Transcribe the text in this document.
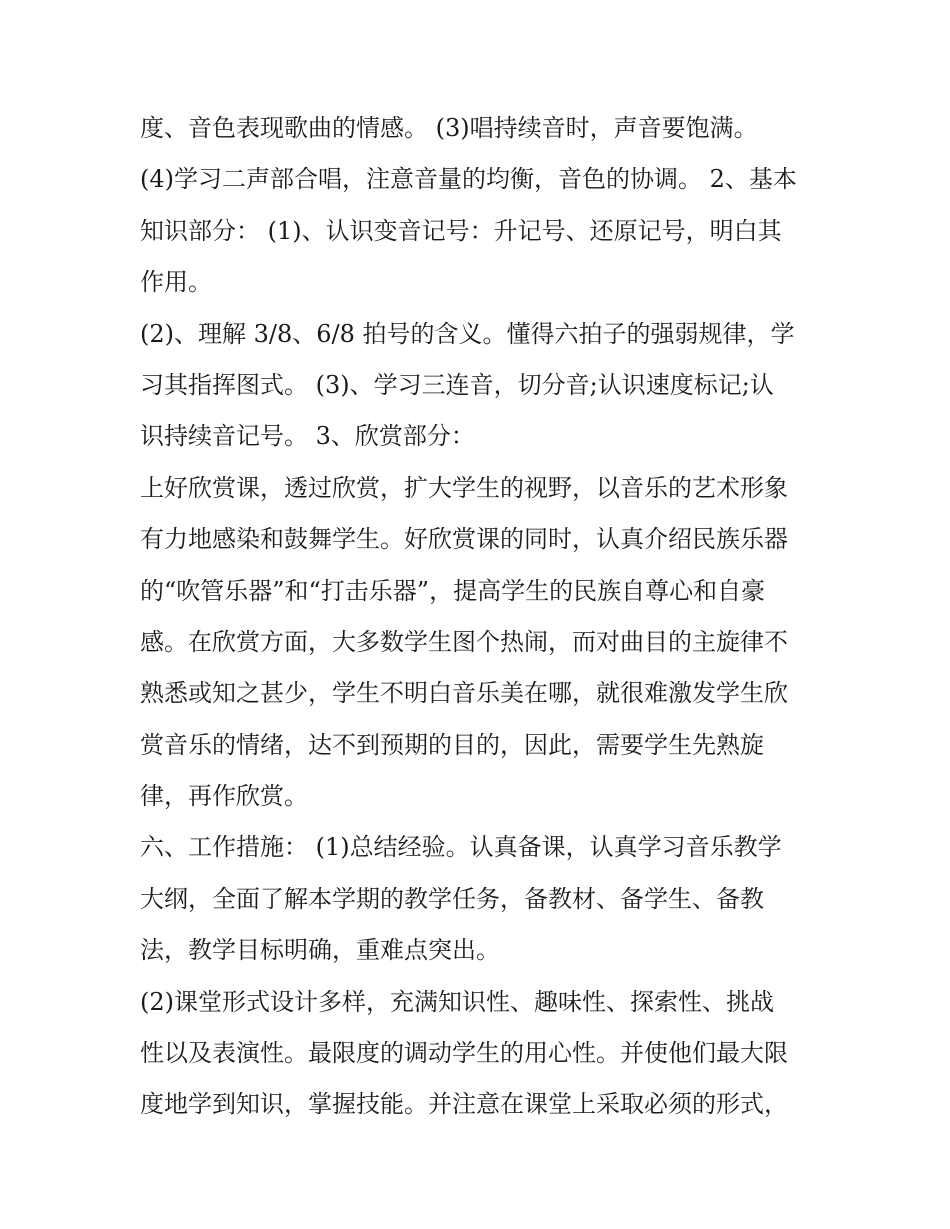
度、音色表现歌曲的情感。 (3)唱持续音时，声音要饱满。
(4)学习二声部合唱，注意音量的均衡，音色的协调。 2、基本
知识部分： (1)、认识变音记号：升记号、还原记号，明白其
作用。
(2)、理解 3/8、6/8 拍号的含义。懂得六拍子的强弱规律，学
习其指挥图式。 (3)、学习三连音，切分音;认识速度标记;认
识持续音记号。 3、欣赏部分：
上好欣赏课，透过欣赏，扩大学生的视野，以音乐的艺术形象
有力地感染和鼓舞学生。好欣赏课的同时，认真介绍民族乐器
的“吹管乐器”和“打击乐器”，提高学生的民族自尊心和自豪
感。在欣赏方面，大多数学生图个热闹，而对曲目的主旋律不
熟悉或知之甚少，学生不明白音乐美在哪，就很难激发学生欣
赏音乐的情绪，达不到预期的目的，因此，需要学生先熟旋
律，再作欣赏。
六、工作措施： (1)总结经验。认真备课，认真学习音乐教学
大纲，全面了解本学期的教学任务，备教材、备学生、备教
法，教学目标明确，重难点突出。
(2)课堂形式设计多样，充满知识性、趣味性、探索性、挑战
性以及表演性。最限度的调动学生的用心性。并使他们最大限
度地学到知识，掌握技能。并注意在课堂上采取必须的形式，
